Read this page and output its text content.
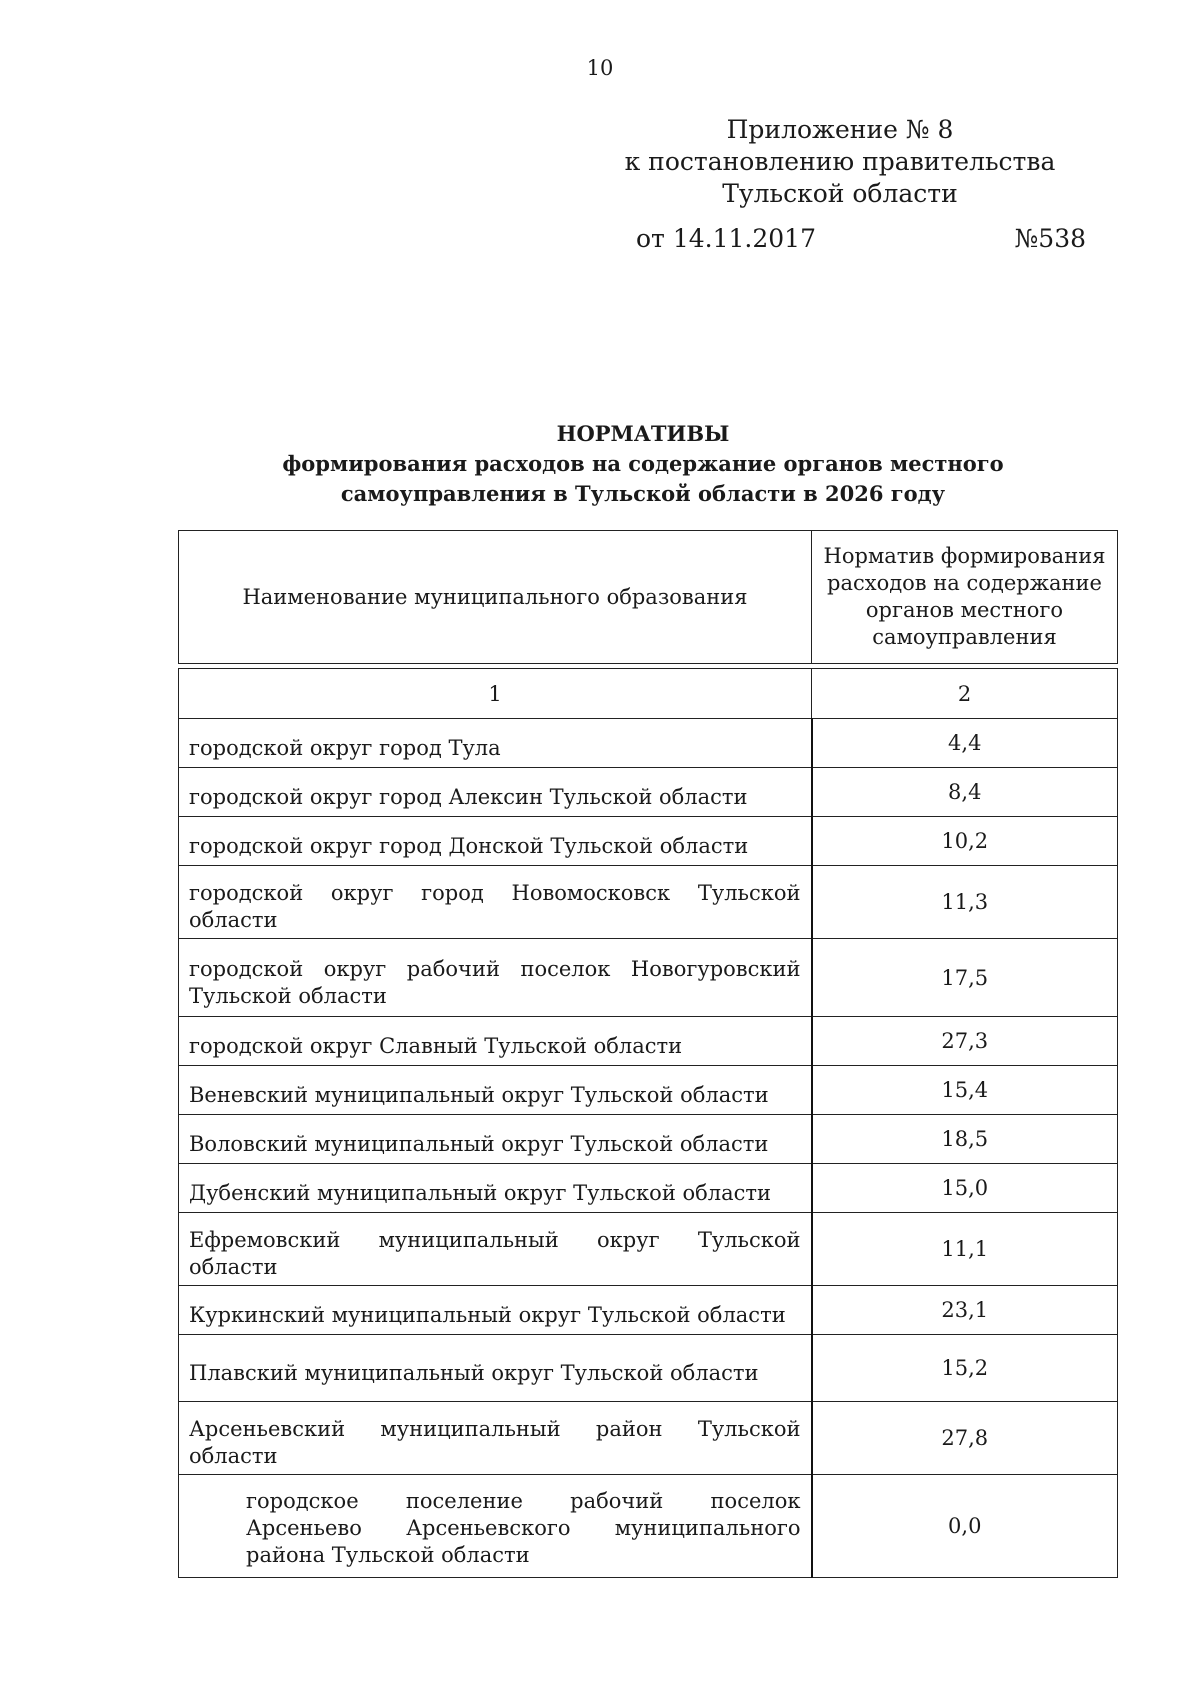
10
Приложение № 8
к постановлению правительства
Тульской области
от 14.11.2017	№538
НОРМАТИВЫ
формирования расходов на содержание органов местного
самоуправления в Тульской области в 2026 году
Наименование муниципального образования	Норматив формирования расходов на содержание органов местного самоуправления

1	2
городской округ город Тула	4,4
городской округ город Алексин Тульской области	8,4
городской округ город Донской Тульской области	10,2
городской округ город Новомосковск Тульской области	11,3
городской округ рабочий поселок Новогуровский Тульской области	17,5
городской округ Славный Тульской области	27,3
Веневский муниципальный округ Тульской области	15,4
Воловский муниципальный округ Тульской области	18,5
Дубенский муниципальный округ Тульской области	15,0
Ефремовский муниципальный округ Тульской области	11,1
Куркинский муниципальный округ Тульской области	23,1
Плавский муниципальный округ Тульской области	15,2
Арсеньевский муниципальный район Тульской области	27,8
городское поселение рабочий поселок Арсеньево Арсеньевского муниципального района Тульской области	0,0
